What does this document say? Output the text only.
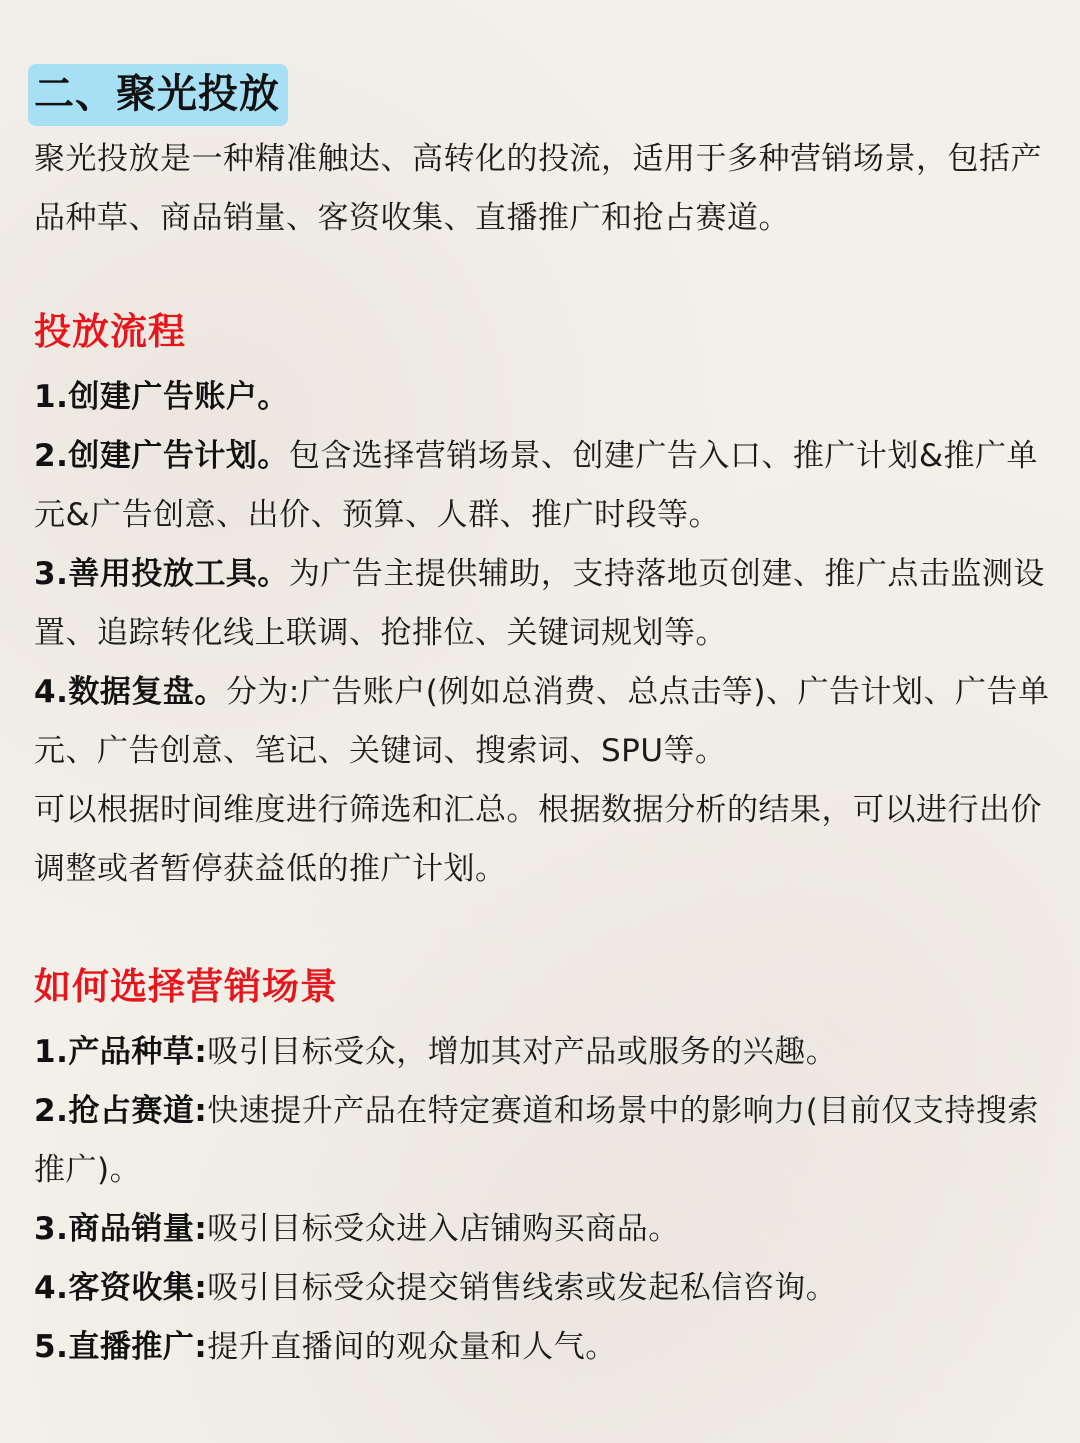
二、聚光投放

聚光投放是一种精准触达、高转化的投流，适用于多种营销场景，包括产品种草、商品销量、客资收集、直播推广和抢占赛道。

投放流程

1.创建广告账户。

2.创建广告计划。包含选择营销场景、创建广告入口、推广计划&推广单元&广告创意、出价、预算、人群、推广时段等。

3.善用投放工具。为广告主提供辅助，支持落地页创建、推广点击监测设置、追踪转化线上联调、抢排位、关键词规划等。

4.数据复盘。分为:广告账户(例如总消费、总点击等)、广告计划、广告单元、广告创意、笔记、关键词、搜索词、SPU等。

可以根据时间维度进行筛选和汇总。根据数据分析的结果，可以进行出价调整或者暂停获益低的推广计划。

如何选择营销场景

1.产品种草:吸引目标受众，增加其对产品或服务的兴趣。

2.抢占赛道:快速提升产品在特定赛道和场景中的影响力(目前仅支持搜索推广)。

3.商品销量:吸引目标受众进入店铺购买商品。

4.客资收集:吸引目标受众提交销售线索或发起私信咨询。

5.直播推广:提升直播间的观众量和人气。
